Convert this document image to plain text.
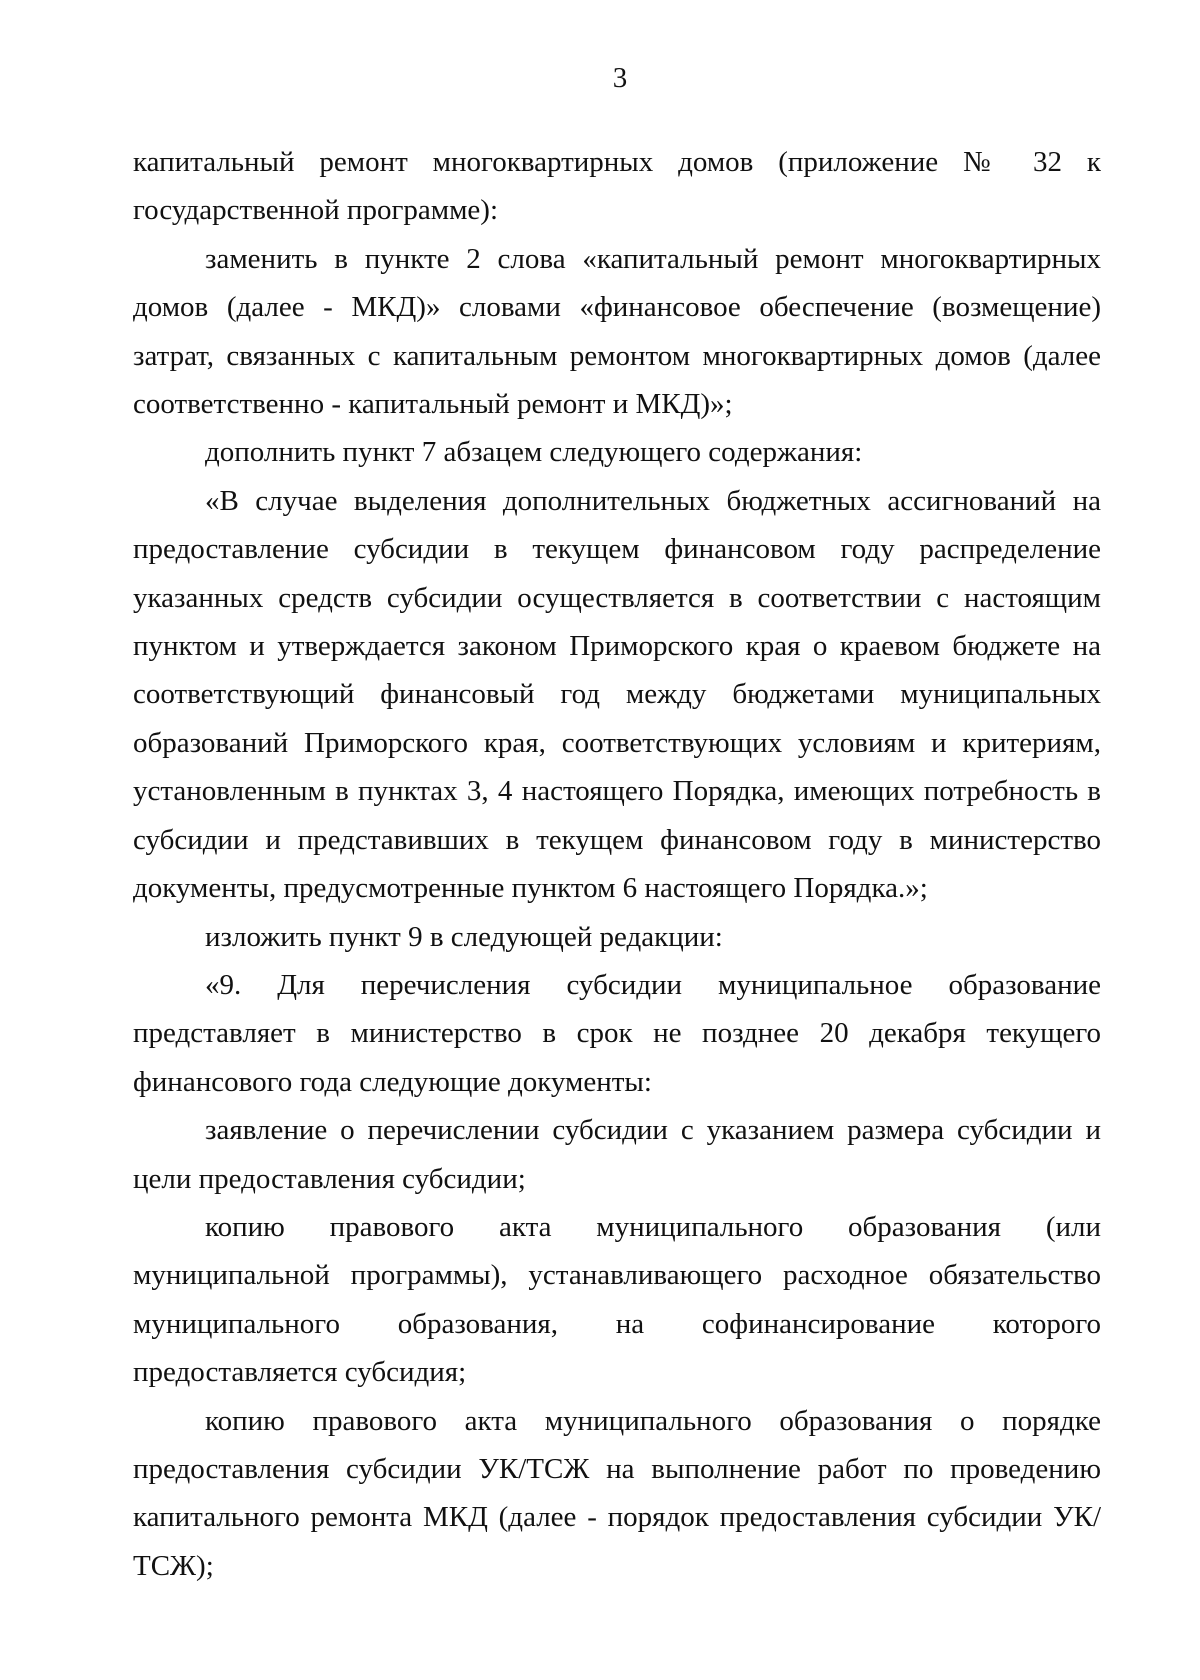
3

капитальный ремонт многоквартирных домов (приложение № 32 к государственной программе):

заменить в пункте 2 слова «капитальный ремонт многоквартирных домов (далее - МКД)» словами «финансовое обеспечение (возмещение) затрат, связанных с капитальным ремонтом многоквартирных домов (далее соответственно - капитальный ремонт и МКД)»;

дополнить пункт 7 абзацем следующего содержания:

«В случае выделения дополнительных бюджетных ассигнований на предоставление субсидии в текущем финансовом году распределение указанных средств субсидии осуществляется в соответствии с настоящим пунктом и утверждается законом Приморского края о краевом бюджете на соответствующий финансовый год между бюджетами муниципальных образований Приморского края, соответствующих условиям и критериям, установленным в пунктах 3, 4 настоящего Порядка, имеющих потребность в субсидии и представивших в текущем финансовом году в министерство документы, предусмотренные пунктом 6 настоящего Порядка.»;

изложить пункт 9 в следующей редакции:

«9. Для перечисления субсидии муниципальное образование представляет в министерство в срок не позднее 20 декабря текущего финансового года следующие документы:

заявление о перечислении субсидии с указанием размера субсидии и цели предоставления субсидии;

копию правового акта муниципального образования (или муниципальной программы), устанавливающего расходное обязательство муниципального образования, на софинансирование которого предоставляется субсидия;

копию правового акта муниципального образования о порядке предоставления субсидии УК/ТСЖ на выполнение работ по проведению капитального ремонта МКД (далее - порядок предоставления субсидии УК/ТСЖ);
